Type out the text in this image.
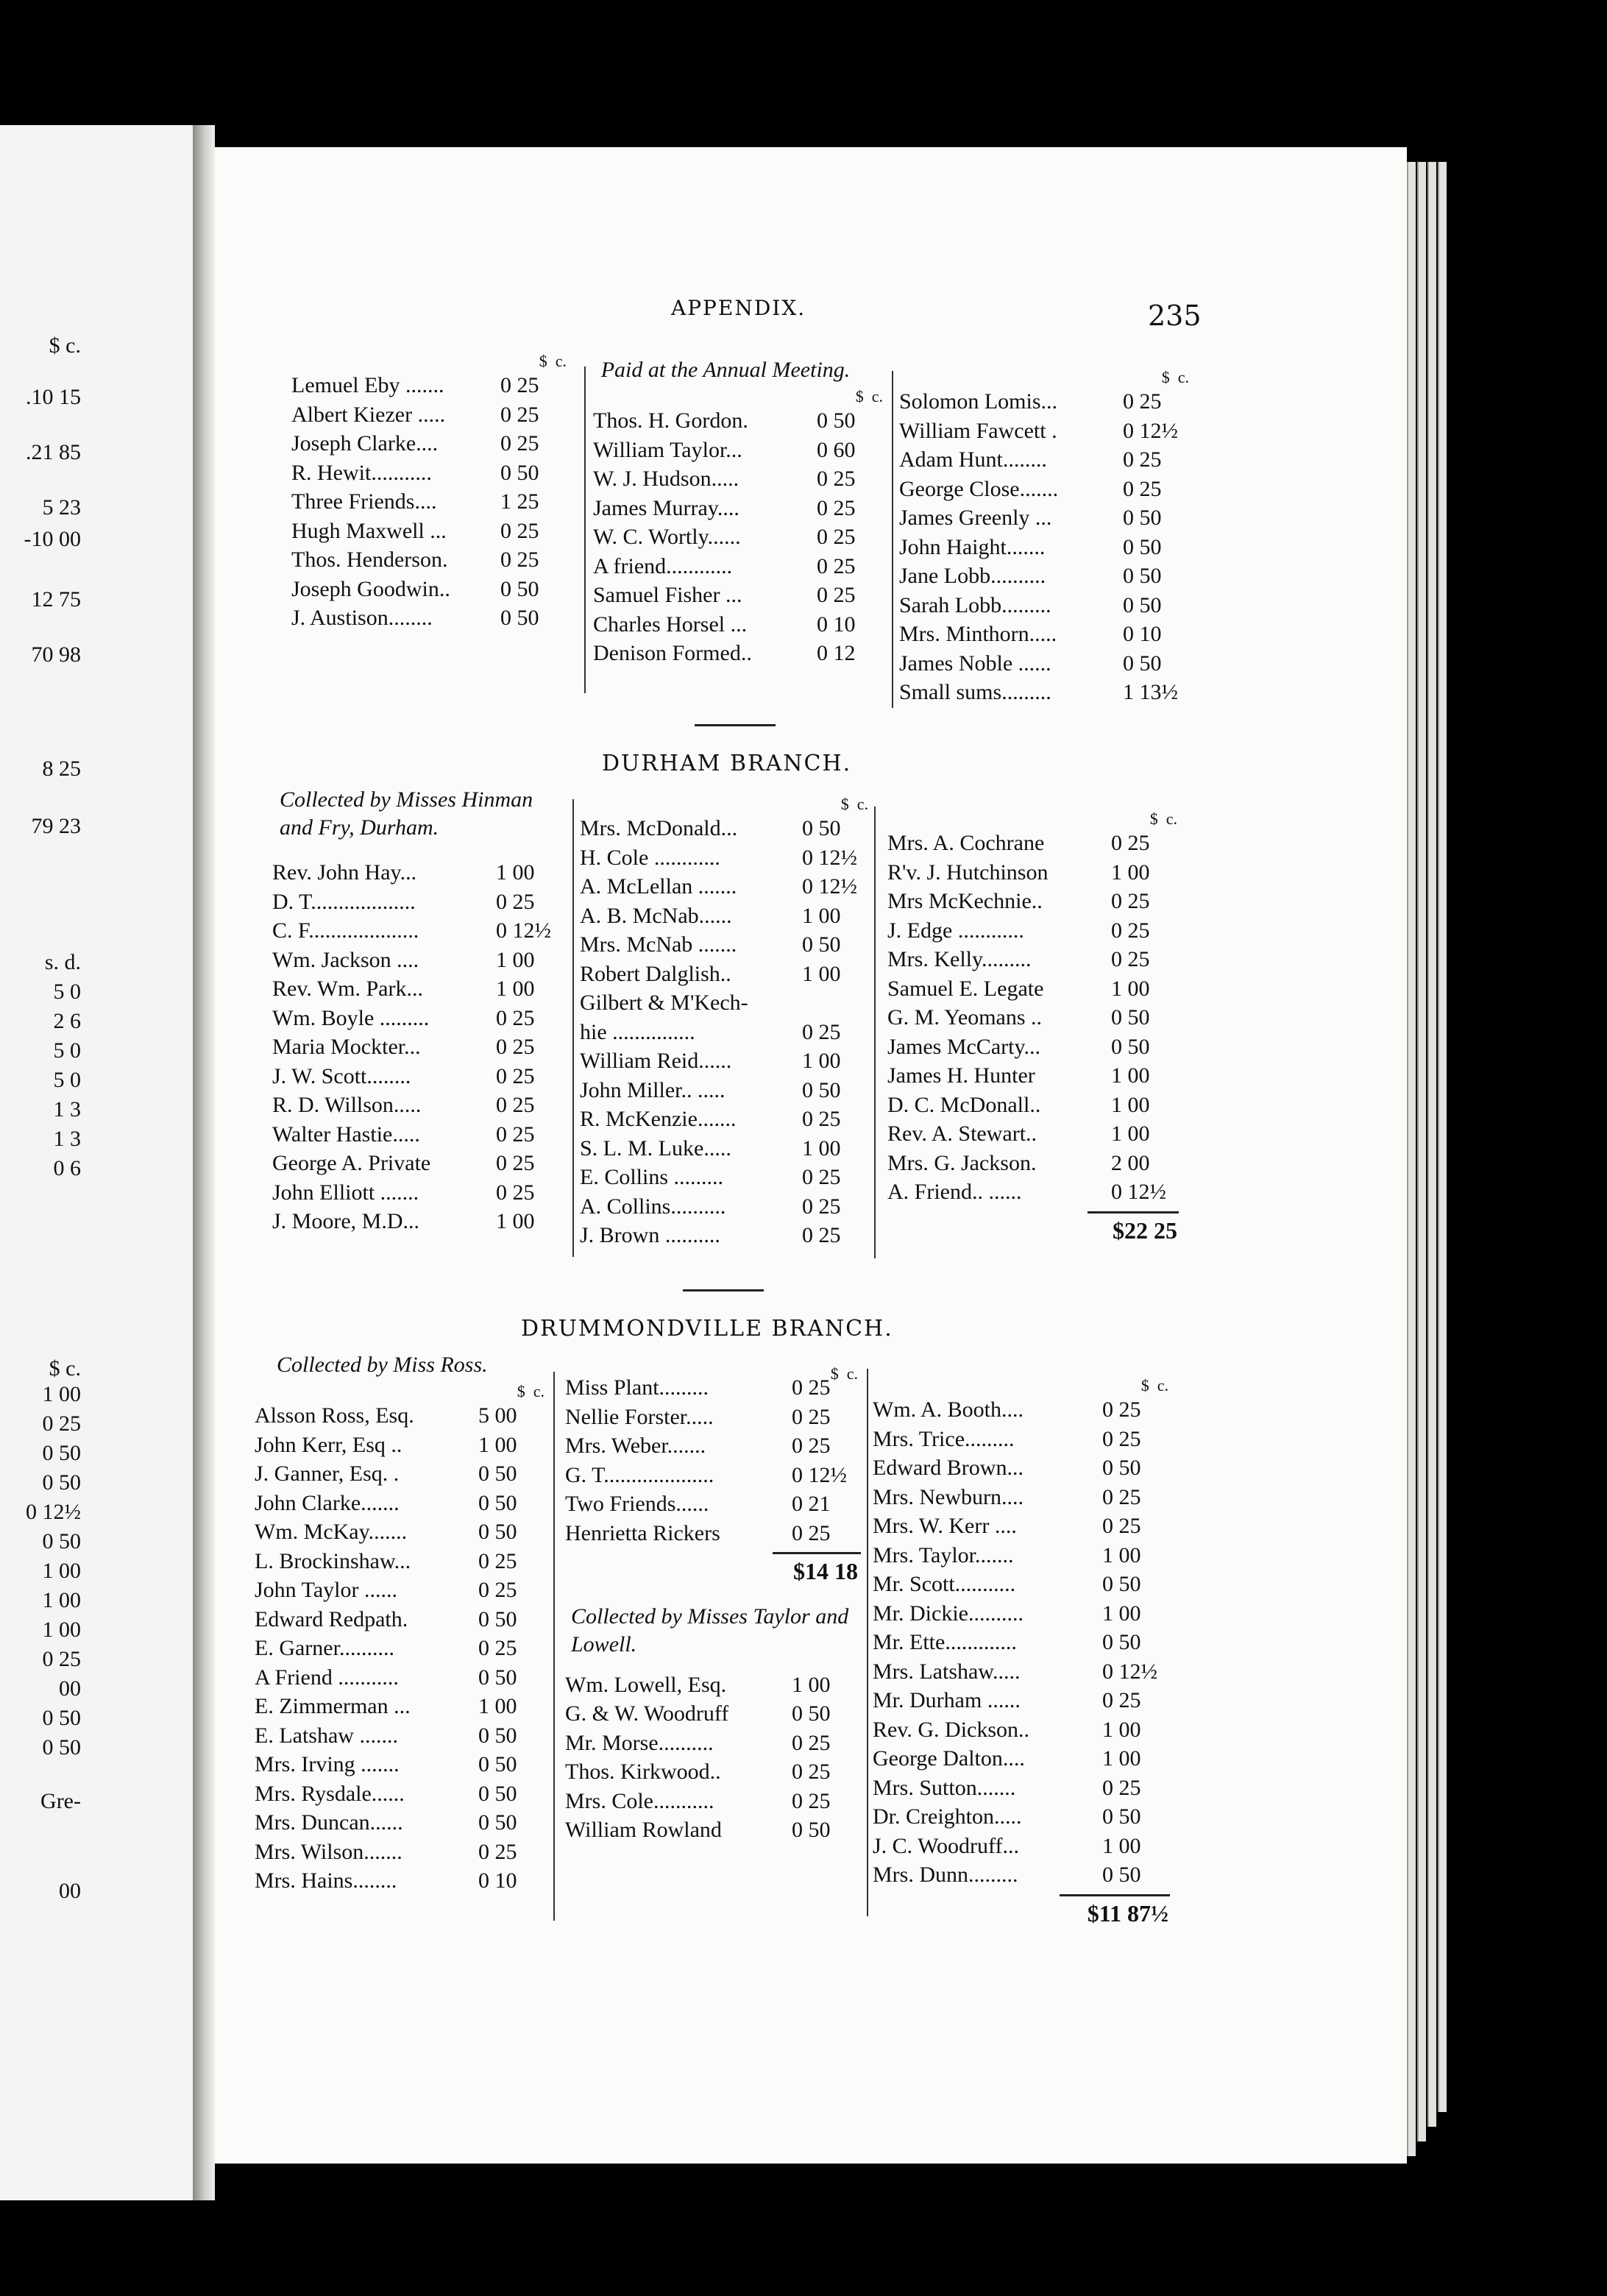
$ c.
.10 15
.21 85
5 23
-10 00
12 75
70 98
8 25
79 23
s. d.
5 0
2 6
5 0
5 0
1 3
1 3
0 6
$ c.
1 00
0 25
0 50
0 50
0 12½
0 50
1 00
1 00
1 00
0 25
00
0 50
0 50
Gre-
00
APPENDIX.	235
$
c.
Lemuel Eby .......	0 25
Albert Kiezer ..... 0 25
Joseph Clarke....	0 25
R. Hewit...........	0 50
Three Friends....	1 25
Hugh Maxwell ... 0 25
Thos. Henderson. 0 25
Joseph Goodwin.. 0 50
J. Austison........	0 50
Paid at the Annual Meeting.
$
c.
Thos. H. Gordon.	0 50
William Taylor...	0 60
W. J. Hudson.....	0 25
James Murray....	0 25
W. C. Wortly......	0 25
A friend............	0 25
Samuel Fisher ...	0 25
Charles Horsel ...	0 10
Denison Formed..	0 12
$
c.
Solomon Lomis...	0 25
William Fawcett .	0 12½
Adam Hunt........	0 25
George Close.......	0 25
James Greenly ...	0 50
John Haight.......	0 50
Jane Lobb..........	0 50
Sarah Lobb.........	0 50
Mrs. Minthorn.....	0 10
James Noble ......	0 50
Small sums.........	1 13½
DURHAM BRANCH.
Collected by Misses Hinman and Fry, Durham.
Rev. John Hay...	1 00
D. T...................	0 25
C. F....................	0 12½
Wm. Jackson ....	1 00
Rev. Wm. Park...	1 00
Wm. Boyle .........	0 25
Maria Mockter...	0 25
J. W. Scott........	0 25
R. D. Willson.....	0 25
Walter Hastie.....	0 25
George A. Private	0 25
John Elliott .......	0 25
J. Moore, M.D...	1 00
$
c.
Mrs. McDonald...	0 50
H. Cole ............	0 12½
A. McLellan .......	0 12½
A. B. McNab......	1 00
Mrs. McNab .......	0 50
Robert Dalglish..	1 00
Gilbert & M'Kech-
hie ...............	0 25
William Reid......	1 00
John Miller.. .....	0 50
R. McKenzie.......	0 25
S. L. M. Luke.....	1 00
E. Collins .........	0 25
A. Collins..........	0 25
J. Brown ..........	0 25
$
c.
Mrs. A. Cochrane	0 25
R'v. J. Hutchinson	1 00
Mrs McKechnie..	0 25
J. Edge ............	0 25
Mrs. Kelly.........	0 25
Samuel E. Legate	1 00
G. M. Yeomans ..	0 50
James McCarty...	0 50
James H. Hunter	1 00
D. C. McDonall..	1 00
Rev. A. Stewart..	1 00
Mrs. G. Jackson.	2 00
A. Friend.. ......	0 12½
$22 25
DRUMMONDVILLE BRANCH.
Collected by Miss Ross.
$
c.
Alsson Ross, Esq.	5 00
John Kerr, Esq ..	1 00
J. Ganner, Esq. .	0 50
John Clarke.......	0 50
Wm. McKay.......	0 50
L. Brockinshaw...	0 25
John Taylor ......	0 25
Edward Redpath.	0 50
E. Garner..........	0 25
A Friend ...........	0 50
E. Zimmerman ...	1 00
E. Latshaw .......	0 50
Mrs. Irving .......	0 50
Mrs. Rysdale......	0 50
Mrs. Duncan......	0 50
Mrs. Wilson.......	0 25
Mrs. Hains........	0 10
$
c.
Miss Plant.........	0 25
Nellie Forster.....	0 25
Mrs. Weber.......	0 25
G. T....................	0 12½
Two Friends......	0 21
Henrietta Rickers	0 25
$14 18
Collected by Misses Taylor and Lowell.
Wm. Lowell, Esq.	1 00
G. & W. Woodruff	0 50
Mr. Morse..........	0 25
Thos. Kirkwood..	0 25
Mrs. Cole...........	0 25
William Rowland	0 50
$
c.
Wm. A. Booth....	0 25
Mrs. Trice.........	0 25
Edward Brown...	0 50
Mrs. Newburn....	0 25
Mrs. W. Kerr ....	0 25
Mrs. Taylor.......	1 00
Mr. Scott...........	0 50
Mr. Dickie..........	1 00
Mr. Ette.............	0 50
Mrs. Latshaw.....	0 12½
Mr. Durham ......	0 25
Rev. G. Dickson..	1 00
George Dalton....	1 00
Mrs. Sutton.......	0 25
Dr. Creighton.....	0 50
J. C. Woodruff...	1 00
Mrs. Dunn.........	0 50
$11 87½
